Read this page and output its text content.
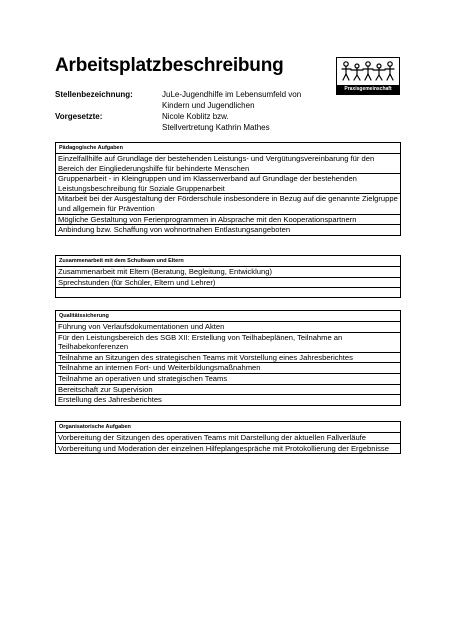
Arbeitsplatzbeschreibung
Praxisgemeinschaft
Stellenbezeichnung:	JuLe-Jugendhilfe im Lebensumfeld von
Kindern und Jugendlichen
Vorgesetzte:	Nicole Koblitz bzw.
Stellvertretung Kathrin Mathes
Pädagogische Aufgaben
Einzelfallhilfe auf Grundlage der bestehenden Leistungs- und Vergütungsvereinbarung für den Bereich der Eingliederungshilfe für behinderte Menschen
Gruppenarbeit - in Kleingruppen und im Klassenverband auf Grundlage der bestehenden Leistungsbeschreibung für Soziale Gruppenarbeit
Mitarbeit bei der Ausgestaltung der Förderschule insbesondere in Bezug auf die genannte Zielgruppe und allgemein für Prävention
Mögliche Gestaltung von Ferienprogrammen in Absprache mit den Kooperationspartnern
Anbindung bzw. Schaffung von wohnortnahen Entlastungsangeboten
Zusammenarbeit mit dem Schulteam und Eltern
Zusammenarbeit mit Eltern (Beratung, Begleitung, Entwicklung)
Sprechstunden (für Schüler, Eltern und Lehrer)

Qualitätssicherung
Führung von Verlaufsdokumentationen und Akten
Für den Leistungsbereich des SGB XII: Erstellung von Teilhabeplänen, Teilnahme an Teilhabekonferenzen
Teilnahme an Sitzungen des strategischen Teams mit Vorstellung eines Jahresberichtes
Teilnahme an internen Fort- und Weiterbildungsmaßnahmen
Teilnahme an operativen und strategischen Teams
Bereitschaft zur Supervision
Erstellung des Jahresberichtes
Organisatorische Aufgaben
Vorbereitung der Sitzungen des operativen Teams mit Darstellung der aktuellen Fallverläufe
Vorbereitung und Moderation der einzelnen Hilfeplangespräche mit Protokollierung der Ergebnisse
